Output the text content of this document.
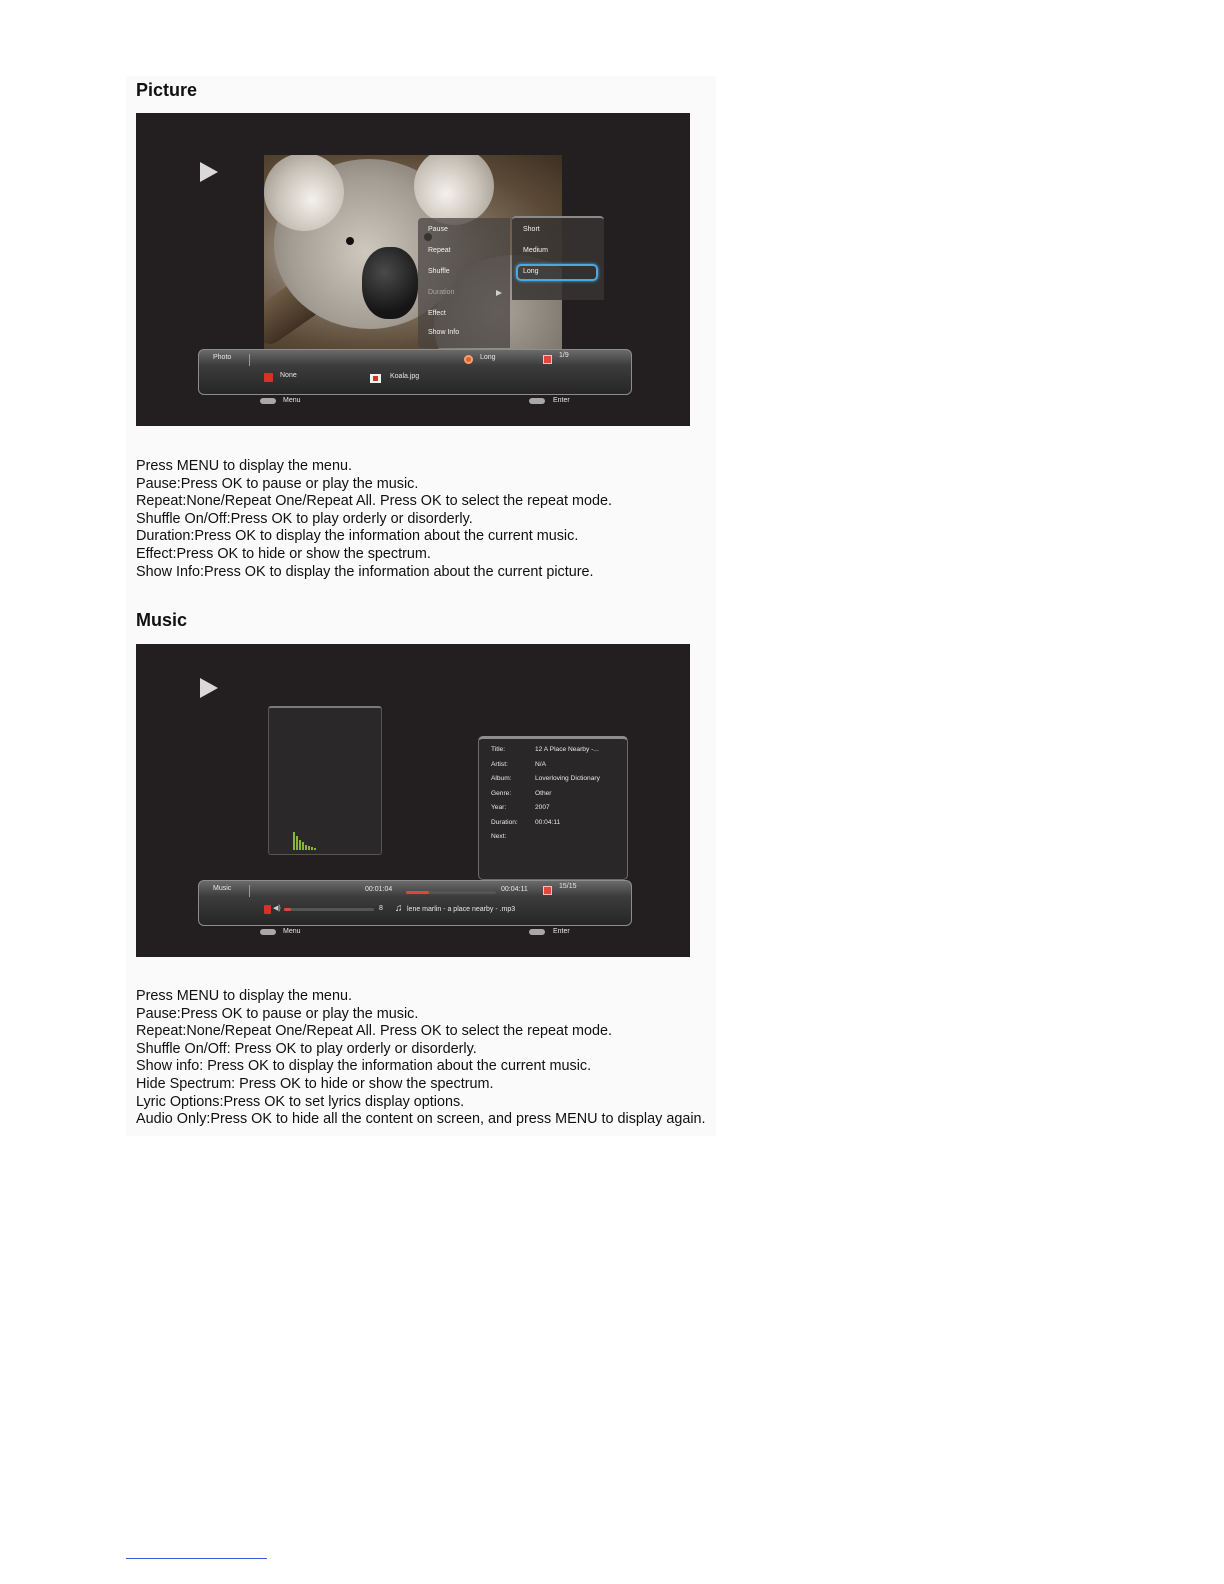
Picture
Pause
Repeat
Shuffle
Duration
Effect
Show Info
Short
Medium
Long
Photo	Long	1/9
None	Koala.jpg
Menu	Enter
Press MENU to display the menu.
Pause:Press OK to pause or play the music.
Repeat:None/Repeat One/Repeat All. Press OK to select the repeat mode.
Shuffle On/Off:Press OK to play orderly or disorderly.
Duration:Press OK to display the information about the current music.
Effect:Press OK to hide or show the spectrum.
Show Info:Press OK to display the information about the current picture.
Music
Title:	12 A Place Nearby -...
Artist:	N/A
Album:	Loverloving Dictionary
Genre:	Other
Year:	2007
Duration:	00:04:11
Next:
Music	00:01:04	00:04:11	15/15
◀)	8 ♫ lene marlin - a place nearby - .mp3
Menu	Enter
Press MENU to display the menu.
Pause:Press OK to pause or play the music.
Repeat:None/Repeat One/Repeat All. Press OK to select the repeat mode.
Shuffle On/Off: Press OK to play orderly or disorderly.
Show info: Press OK to display the information about the current music.
Hide Spectrum: Press OK to hide or show the spectrum.
Lyric Options:Press OK to set lyrics display options.
Audio Only:Press OK to hide all the content on screen, and press MENU to display again.
